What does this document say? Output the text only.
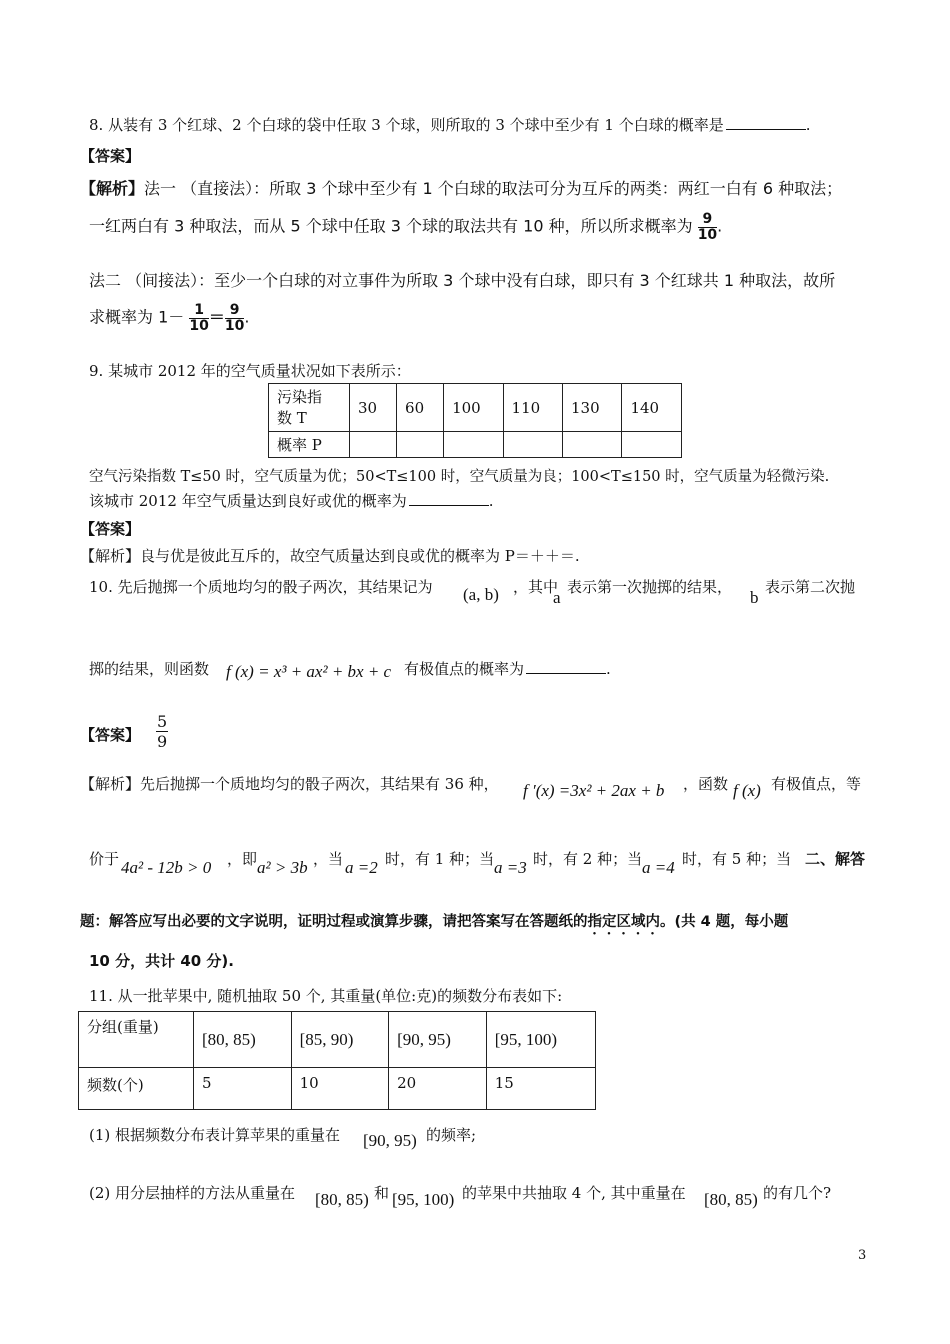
8. 从装有 3 个红球、2 个白球的袋中任取 3 个球，则所取的 3 个球中至少有 1 个白球的概率是	.
【答案】
【解析】法一 （直接法）：所取 3 个球中至少有 1 个白球的取法可分为互斥的两类：两红一白有 6 种取法；
一红两白有 3 种取法，而从 5 个球中任取 3 个球的取法共有 10 种，所以所求概率为 $\frac{9}{10}$ .
法二 （间接法）：至少一个白球的对立事件为所取 3 个球中没有白球，即只有 3 个红球共 1 种取法，故所
求概率为 $1- \frac{1}{10} = \frac{9}{10}$ .
9. 某城市 2012 年的空气质量状况如下表所示：
污染指
数 T	30	60	100	110	130	140
概率 P						
空气污染指数 T≤50 时，空气质量为优；50<T≤100 时，空气质量为良；100<T≤150 时，空气质量为轻微污染.
该城市 2012 年空气质量达到良好或优的概率为	.
【答案】
【解析】良与优是彼此互斥的，故空气质量达到良或优的概率为 P＝＋＋＝.
10. 先后抛掷一个质地均匀的骰子两次，其结果记为 (a, b) ，其中
a
表示第一次抛掷的结果，
b
表示第二次抛
掷的结果，则函数 f (x) = x³ + ax² + bx + c 有极值点的概率为	.
【答案】
5
9
【解析】先后抛掷一个质地均匀的骰子两次，其结果有 36 种， f ′(x) =3x² + 2ax + b ，函数 f (x) 有极值点，等
价于 4a² - 12b > 0 ，即 a² > 3b ，当 a =2 时，有 1 种；当 a =3 时，有 2 种；当 a =4 时，有 5 种；当 二、解答
题：解答应写出必要的文字说明，证明过程或演算步骤，请把答案写在答题纸的指定区域内。(共 4 题，每小题
10 分，共计 40 分).
11. 从一批苹果中, 随机抽取 50 个, 其重量(单位:克)的频数分布表如下:
分组(重量)	[80, 85)	[85, 90)	[90, 95)	[95, 100)
频数(个)	5	10	20	15
(1) 根据频数分布表计算苹果的重量在 [90, 95) 的频率;
(2) 用分层抽样的方法从重量在 [80, 85) 和 [95, 100) 的苹果中共抽取 4 个, 其中重量在 [80, 85) 的有几个?
3
